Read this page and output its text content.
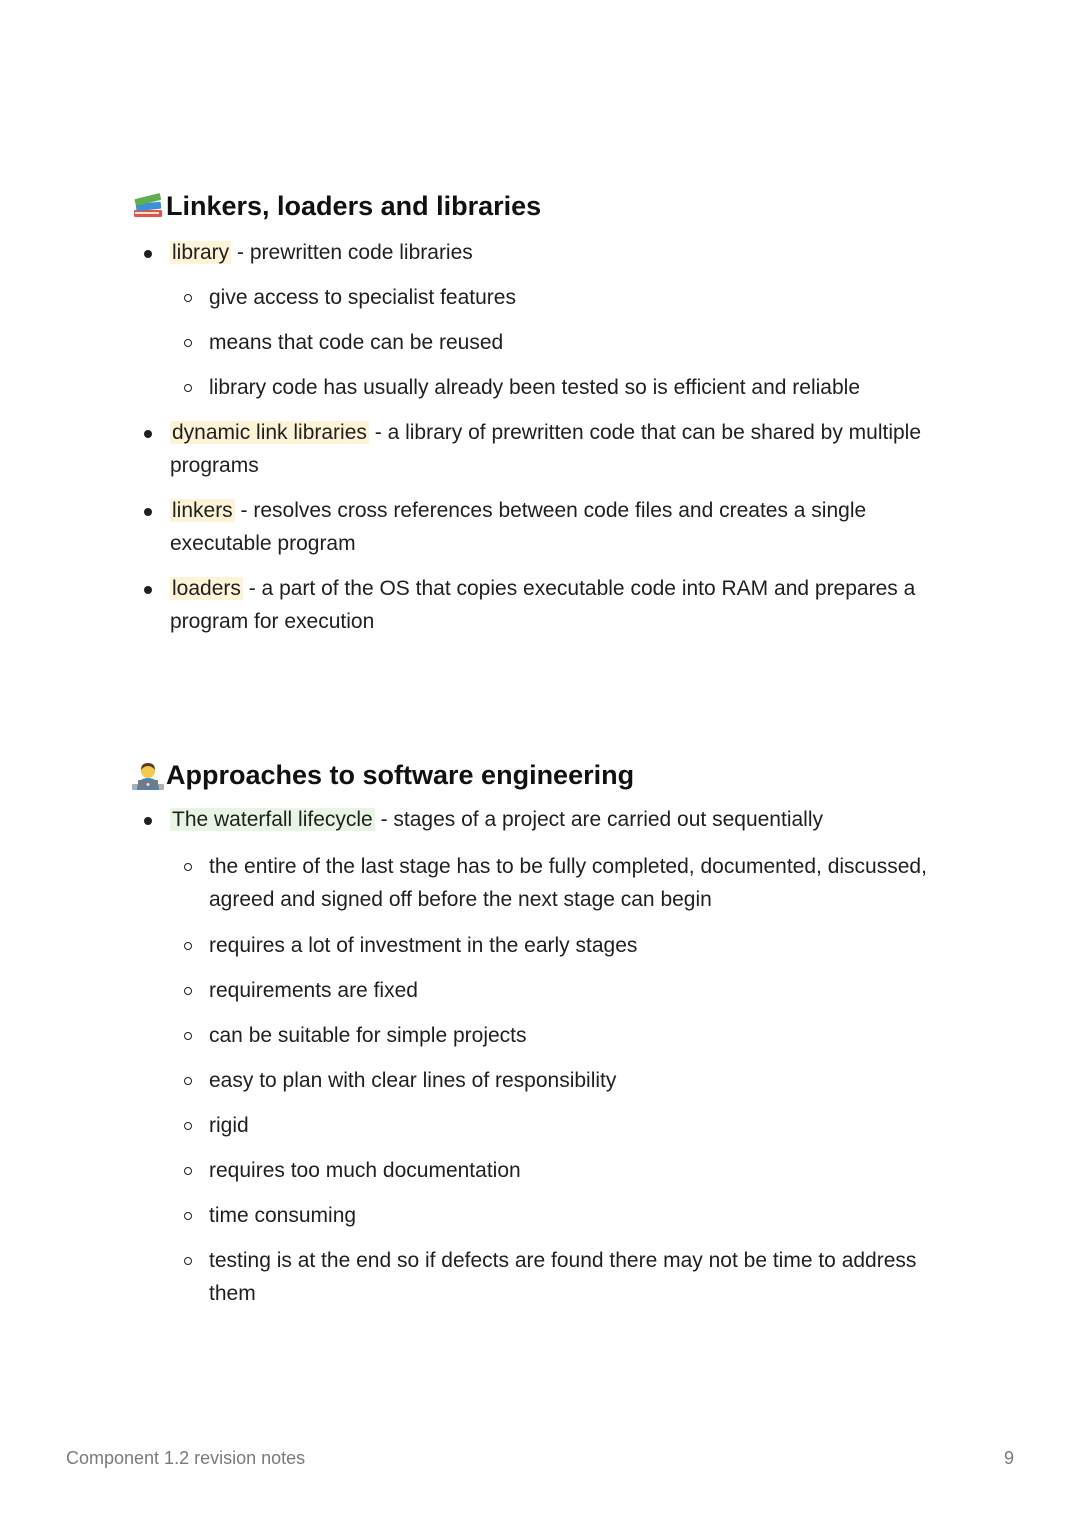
Linkers, loaders and libraries
library - prewritten code libraries
give access to specialist features
means that code can be reused
library code has usually already been tested so is efficient and reliable
dynamic link libraries - a library of prewritten code that can be shared by multiple programs
linkers - resolves cross references between code files and creates a single executable program
loaders - a part of the OS that copies executable code into RAM and prepares a program for execution
Approaches to software engineering
The waterfall lifecycle - stages of a project are carried out sequentially
the entire of the last stage has to be fully completed, documented, discussed, agreed and signed off before the next stage can begin
requires a lot of investment in the early stages
requirements are fixed
can be suitable for simple projects
easy to plan with clear lines of responsibility
rigid
requires too much documentation
time consuming
testing is at the end so if defects are found there may not be time to address them
Component 1.2 revision notes	9
